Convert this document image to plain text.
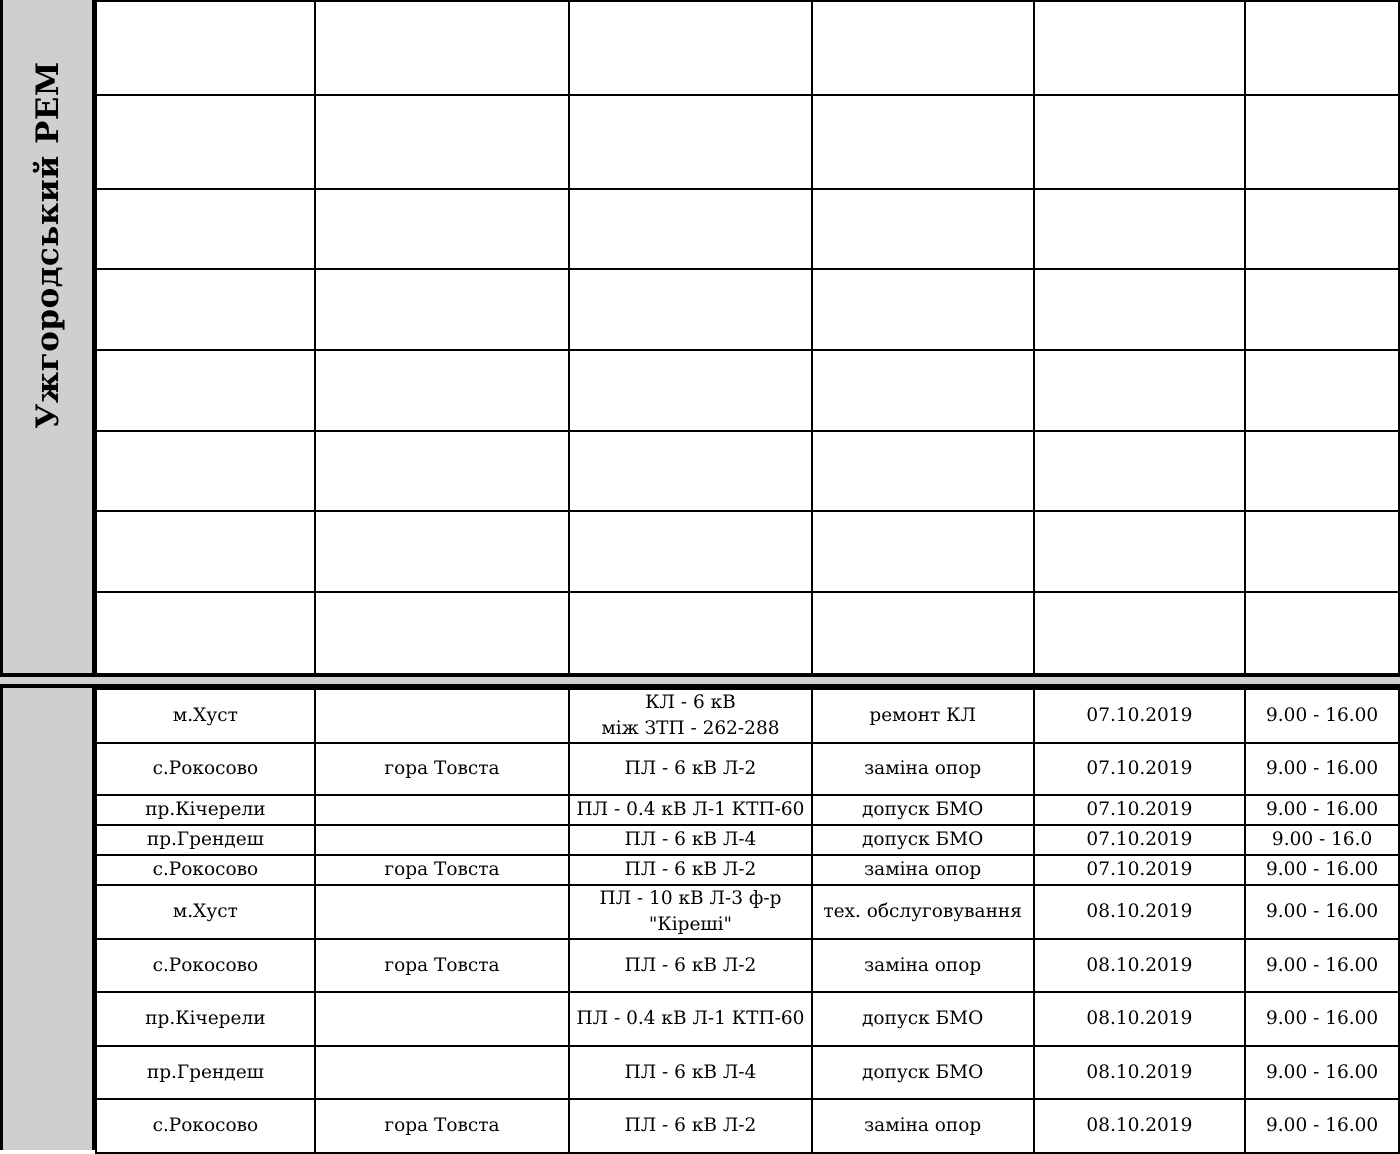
Ужгородський РЕМ

м.Хуст		КЛ - 6 кВ
між ЗТП - 262-288	ремонт КЛ	07.10.2019	9.00 - 16.00
с.Рокосово	гора Товста	ПЛ - 6 кВ Л-2	заміна опор	07.10.2019	9.00 - 16.00
пр.Кічерели		ПЛ - 0.4 кВ Л-1 КТП-60	допуск БМО	07.10.2019	9.00 - 16.00
пр.Грендеш		ПЛ - 6 кВ Л-4	допуск БМО	07.10.2019	9.00 - 16.0
с.Рокосово	гора Товста	ПЛ - 6 кВ Л-2	заміна опор	07.10.2019	9.00 - 16.00
м.Хуст		ПЛ - 10 кВ Л-3 ф-р
"Кіреші"	тех. обслуговування	08.10.2019	9.00 - 16.00
с.Рокосово	гора Товста	ПЛ - 6 кВ Л-2	заміна опор	08.10.2019	9.00 - 16.00
пр.Кічерели		ПЛ - 0.4 кВ Л-1 КТП-60	допуск БМО	08.10.2019	9.00 - 16.00
пр.Грендеш		ПЛ - 6 кВ Л-4	допуск БМО	08.10.2019	9.00 - 16.00
с.Рокосово	гора Товста	ПЛ - 6 кВ Л-2	заміна опор	08.10.2019	9.00 - 16.00
